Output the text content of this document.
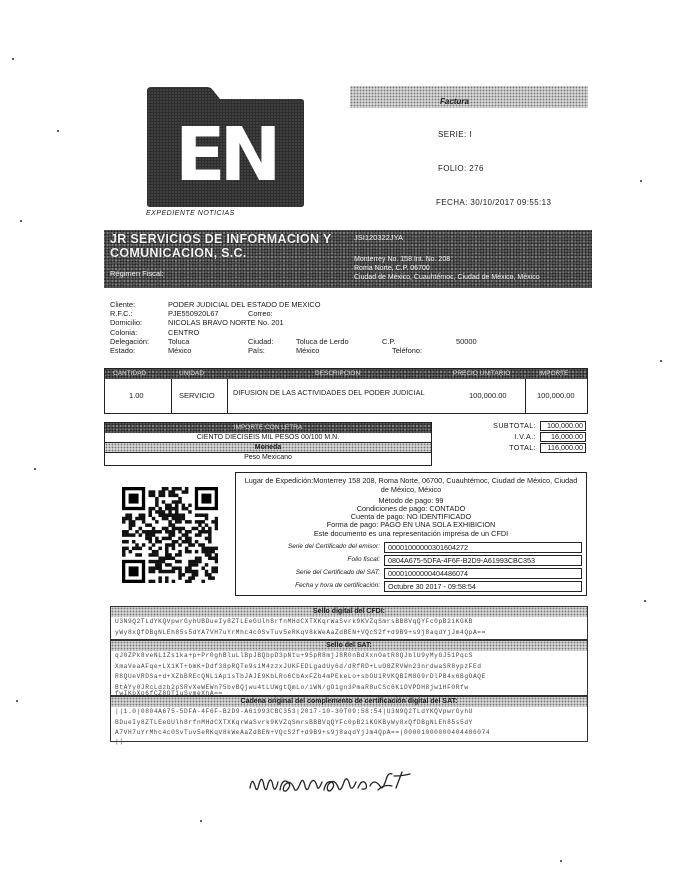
EN
EXPEDIENTE NOTICIAS
Factura
SERIE: I
FOLIO: 276
FECHA: 30/10/2017 09:55:13
JR SERVICIOS DE INFORMACION Y COMUNICACION, S.C.
Régimen Fiscal:
JSI120322JYA
Monterrey No. 158 Int. No. 208
Roma Norte, C.P. 06700
Ciudad de México, Cuauhtémoc, Ciudad de México, México
Cliente:	PODER JUDICIAL DEL ESTADO DE MEXICO
R.F.C.:	PJE550920L67	Correo:
Domicilio:	NICOLAS BRAVO NORTE No. 201
Colonia:	CENTRO
Delegación:	Toluca	Ciudad:	Toluca de Lerdo	C.P.	50000
Estado:	México	País:	México	Teléfono:
CANTIDAD	UNIDAD	DESCRIPCION	PRECIO UNITARIO	IMPORTE
1.00	SERVICIO	DIFUSION DE LAS ACTIVIDADES DEL PODER JUDICIAL	100,000.00	100,000.00
IMPORTE CON LETRA
CIENTO DIECISEIS MIL PESOS 00/100 M.N.
Moneda
Peso Mexicano
SUBTOTAL:	100,000.00
I.V.A.:	16,000.00
TOTAL:	116,000.00
Lugar de Expedición:Monterrey 158 208, Roma Norte, 06700, Cuauhtémoc, Ciudad de México, Ciudad de México, México
Método de pago: 99
Condiciones de pago: CONTADO
Cuenta de pago: NO IDENTIFICADO
Forma de pago: PAGO EN UNA SOLA EXHIBICION
Este documento es una representación impresa de un CFDI
Serie del Certificado del emisor:	00001000000301604272
Folio fiscal:	0804A675-5DFA-4F6F-B2D9-A61993CBC353
Serie del Certificado del SAT:	00001000000404486074
Fecha y hora de certificación:	Octubre 30 2017 - 09:58:54
Sello digital del CFDI:
U3N9Q2TLdYKQVpwrGyhUBDueIy8ZTLEeGUlh8rfnMHdCXTXKqrWaSvrk9KVZqSmrsBBBVqQYFc0pB2iKGKB
yWy8xQfDBgNLEh85s5dYA7VH7uYrMhc4c0SvTuv5eRKqV8kWeAaZdBEN+VQcS2f+d9B9+s9j8aqdYjJm4QpA==
Sello del SAT:
qJ0ZPk8veNL1Zs1ka+p+Pr0ghBluLlBpJBQbpD3pNtu+95pR8mjJ8R0nBdXxnOatR8QJblU9yMyGJ51PqcS
XmaVeaAFqe+LX1KT+bmK+Ddf38pRQTe9s1M4zzxJUKFEDLgadUy6d/dRfRD+LuO8ZRVWn23nrdwaSR8ypzFEd
R8QUeVRDSa+d+XZbBREcQNLiAp1sTbJAJE9KbLRo6CbAxFZb4mPEkeLo+sbOU1RVKQBIM8G9rDlPB4x6BgOAQE
BtAYy0JRcLdzb2pSRvXeWEWn75bvBQjwu4tLUWgtQmLo/iWN/gO1gn3PmaR8uCSc6KiDVPDH8jw1HF0Rfw
fwIKpXp6fCZ8QT1uSymeXhA==
Cadena original del complemento de certificación digital del SAT:
||1.0|0804A675-5DFA-4F6F-B2D9-A61993CBC353|2017-10-30T09:58:54|U3N9Q2TLdYKQVpwrGyhU
BDueIy8ZTLEeGUlh8rfnMHdCXTXKqrWaSvrk9KVZqSmrsBBBVqQYFc0pB2iKGKByWy8xQfDBgNLEh85s5dY
A7VH7uYrMhc4c0SvTuv5eRKqV8kWeAaZdBEN+VQcS2f+d9B9+s9j8aqdYjJm4QpA==|00001000000404486074
||
